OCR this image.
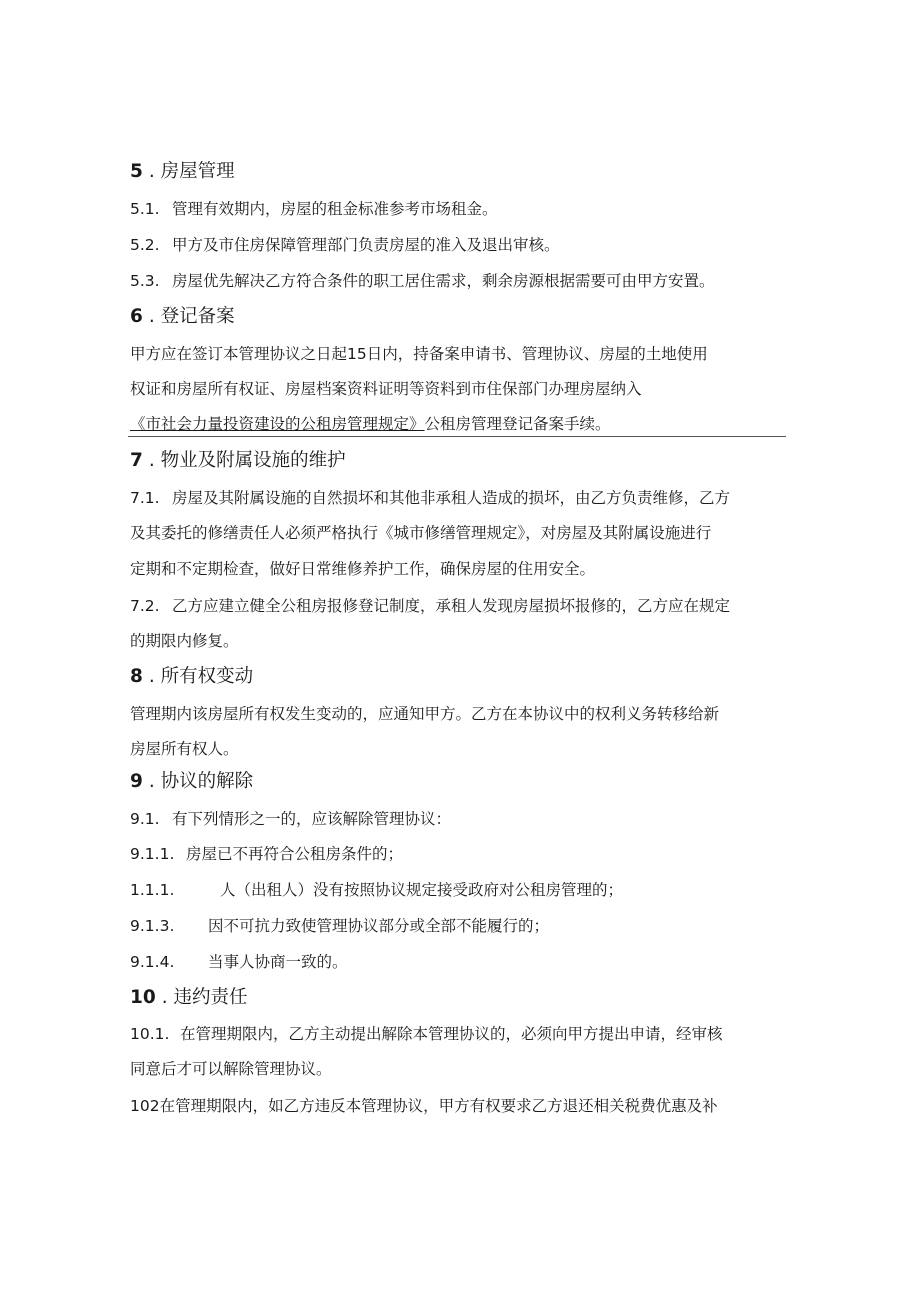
5 . 房屋管理
5.1. 管理有效期内，房屋的租金标准参考市场租金。
5.2. 甲方及市住房保障管理部门负责房屋的准入及退出审核。
5.3. 房屋优先解决乙方符合条件的职工居住需求，剩余房源根据需要可由甲方安置。
6 . 登记备案
甲方应在签订本管理协议之日起15日内，持备案申请书、管理协议、房屋的土地使用
权证和房屋所有权证、房屋档案资料证明等资料到市住保部门办理房屋纳入
《市社会力量投资建设的公租房管理规定》公租房管理登记备案手续。
7 . 物业及附属设施的维护
7.1. 房屋及其附属设施的自然损坏和其他非承租人造成的损坏，由乙方负责维修，乙方
及其委托的修缮责任人必须严格执行《城市修缮管理规定》，对房屋及其附属设施进行
定期和不定期检查，做好日常维修养护工作，确保房屋的住用安全。
7.2. 乙方应建立健全公租房报修登记制度，承租人发现房屋损坏报修的，乙方应在规定
的期限内修复。
8 . 所有权变动
管理期内该房屋所有权发生变动的，应通知甲方。乙方在本协议中的权利义务转移给新
房屋所有权人。
9 . 协议的解除
9.1. 有下列情形之一的，应该解除管理协议：
9.1.1. 房屋已不再符合公租房条件的；
1.1.1.	人（出租人）没有按照协议规定接受政府对公租房管理的；
9.1.3. 因不可抗力致使管理协议部分或全部不能履行的；
9.1.4. 当事人协商一致的。
10 . 违约责任
10.1. 在管理期限内，乙方主动提出解除本管理协议的，必须向甲方提出申请，经审核
同意后才可以解除管理协议。
102在管理期限内，如乙方违反本管理协议，甲方有权要求乙方退还相关税费优惠及补
